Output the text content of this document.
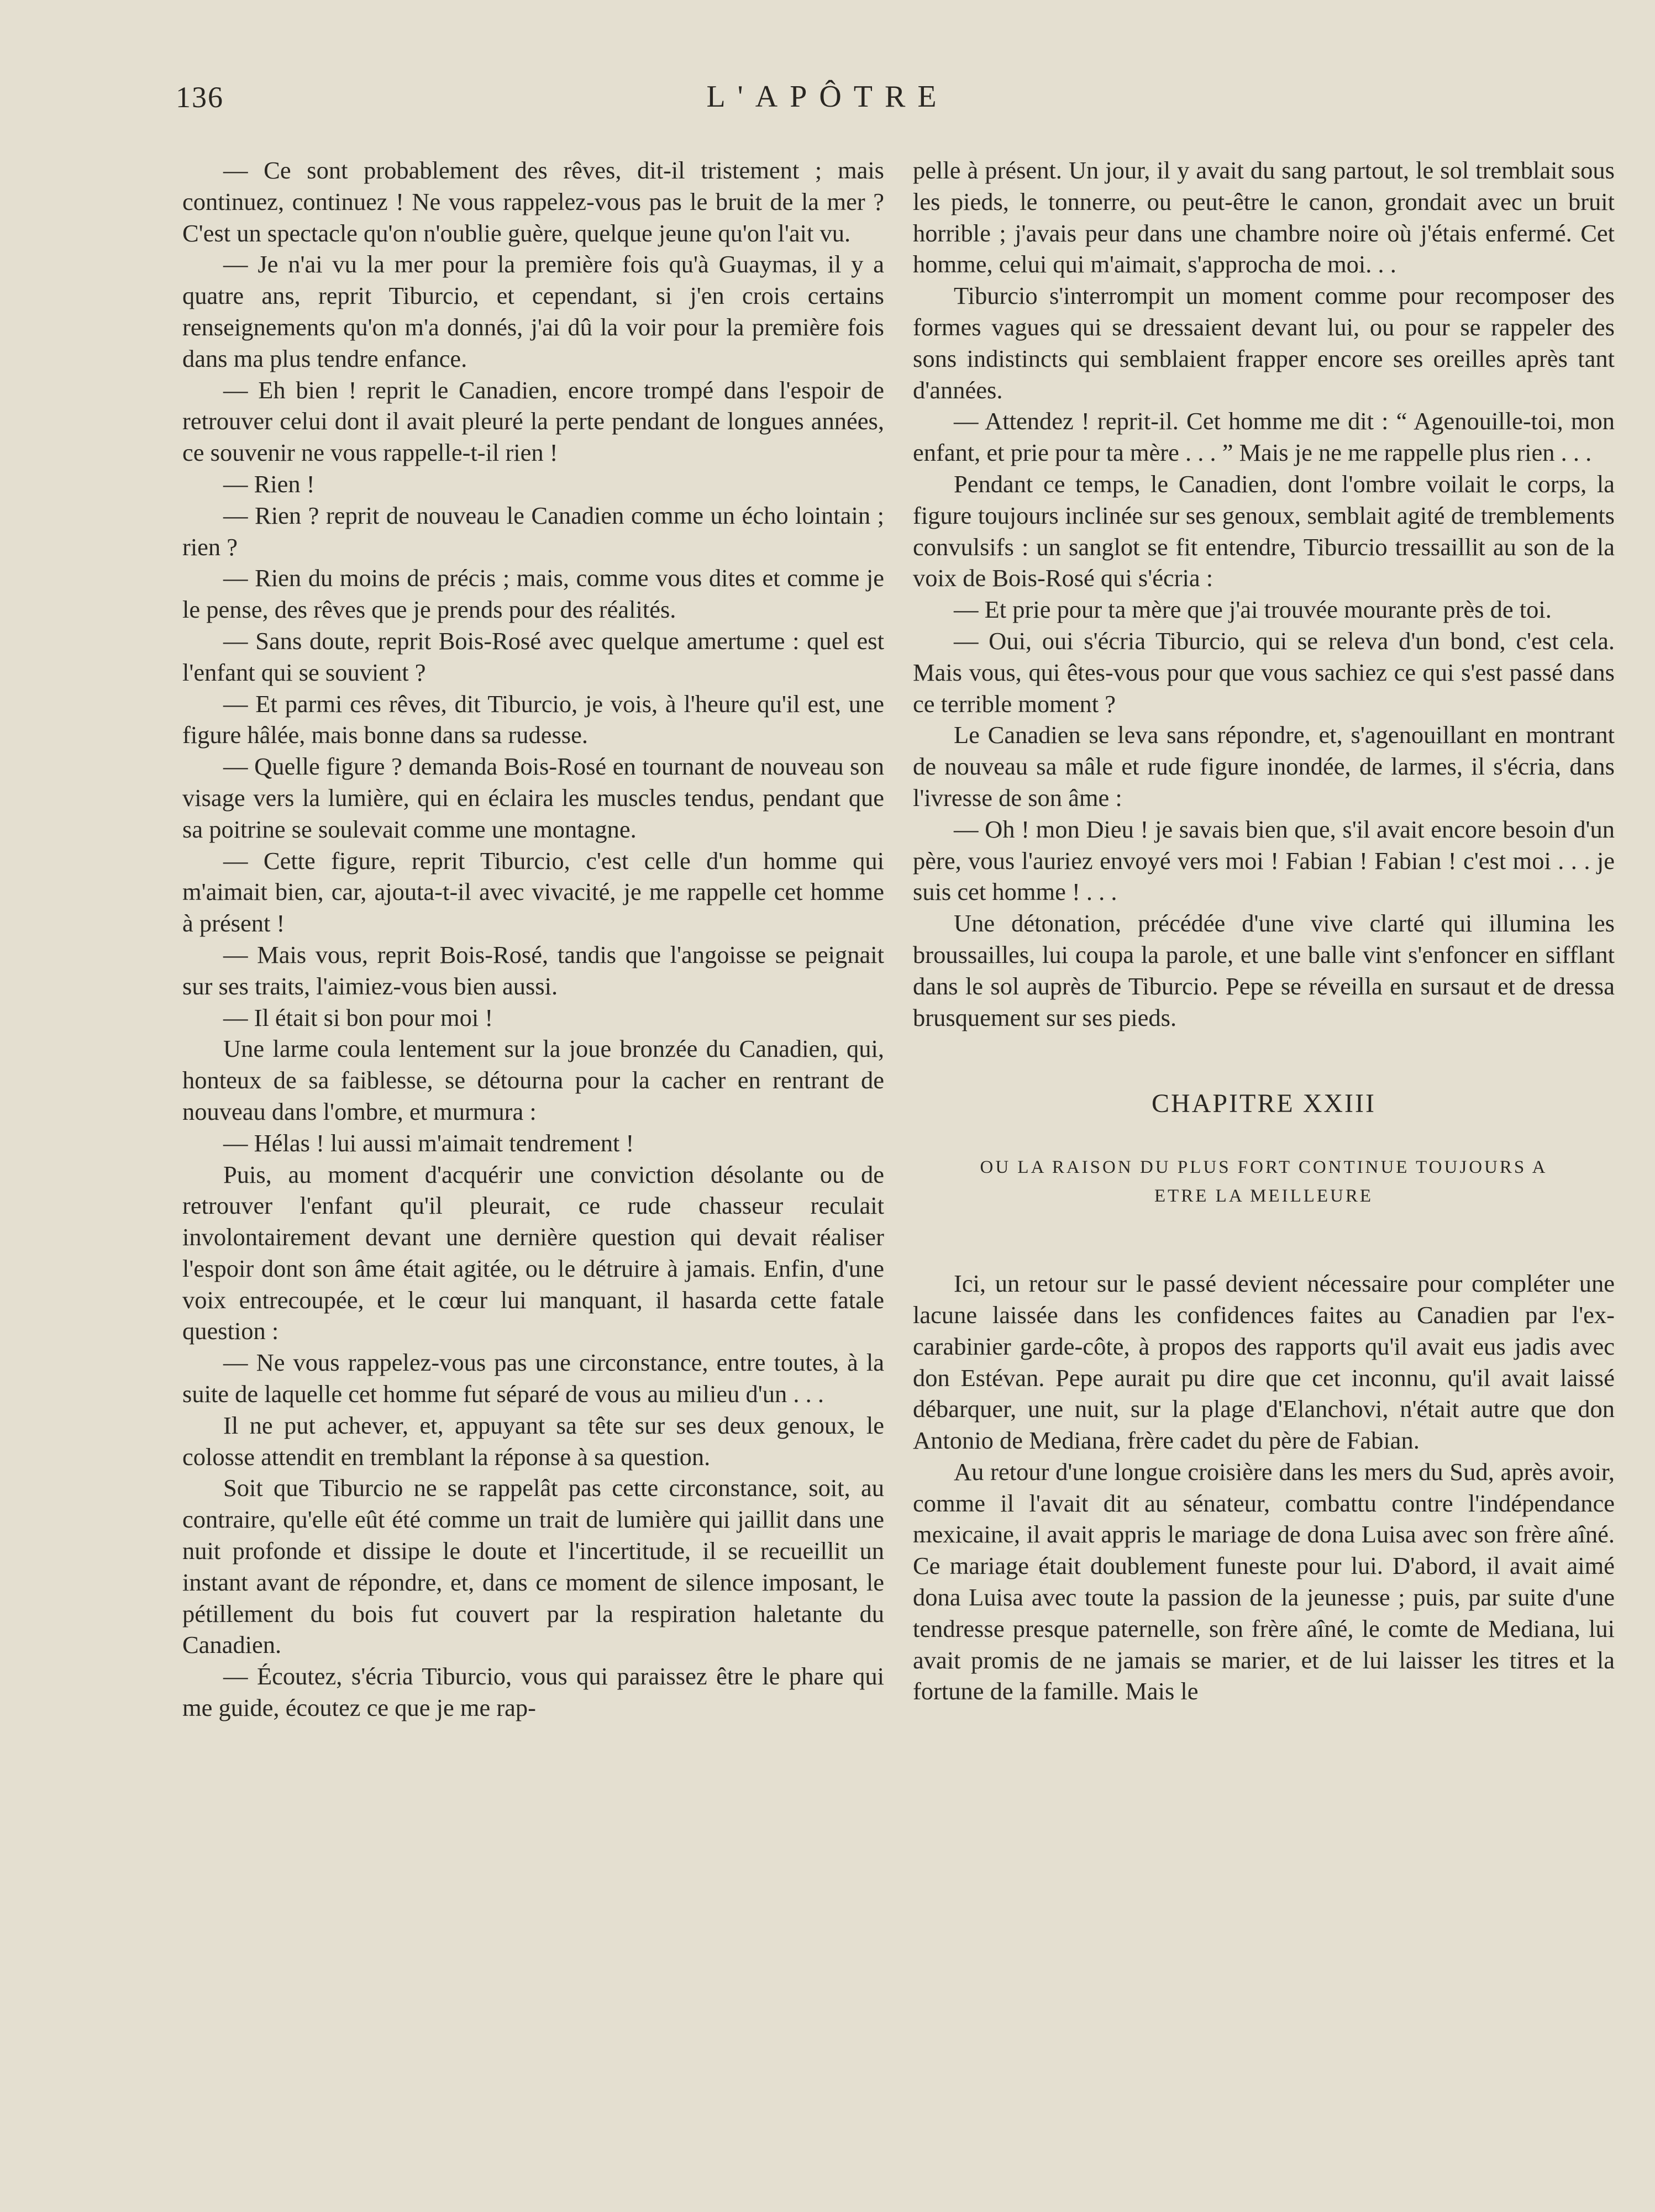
136	L'APÔTRE

— Ce sont probablement des rêves, dit-il tristement ; mais continuez, continuez ! Ne vous rappelez-vous pas le bruit de la mer ? C'est un spectacle qu'on n'oublie guère, quelque jeune qu'on l'ait vu.

— Je n'ai vu la mer pour la première fois qu'à Guaymas, il y a quatre ans, reprit Tiburcio, et cependant, si j'en crois certains renseignements qu'on m'a donnés, j'ai dû la voir pour la première fois dans ma plus tendre enfance.

— Eh bien ! reprit le Canadien, encore trompé dans l'espoir de retrouver celui dont il avait pleuré la perte pendant de longues années, ce souvenir ne vous rappelle-t-il rien !

— Rien !

— Rien ? reprit de nouveau le Canadien comme un écho lointain ; rien ?

— Rien du moins de précis ; mais, comme vous dites et comme je le pense, des rêves que je prends pour des réalités.

— Sans doute, reprit Bois-Rosé avec quelque amertume : quel est l'enfant qui se souvient ?

— Et parmi ces rêves, dit Tiburcio, je vois, à l'heure qu'il est, une figure hâlée, mais bonne dans sa rudesse.

— Quelle figure ? demanda Bois-Rosé en tournant de nouveau son visage vers la lumière, qui en éclaira les muscles tendus, pendant que sa poitrine se soulevait comme une montagne.

— Cette figure, reprit Tiburcio, c'est celle d'un homme qui m'aimait bien, car, ajouta-t-il avec vivacité, je me rappelle cet homme à présent !

— Mais vous, reprit Bois-Rosé, tandis que l'angoisse se peignait sur ses traits, l'aimiez-vous bien aussi.

— Il était si bon pour moi !

Une larme coula lentement sur la joue bronzée du Canadien, qui, honteux de sa faiblesse, se détourna pour la cacher en rentrant de nouveau dans l'ombre, et murmura :

— Hélas ! lui aussi m'aimait tendrement !

Puis, au moment d'acquérir une conviction désolante ou de retrouver l'enfant qu'il pleurait, ce rude chasseur reculait involontairement devant une dernière question qui devait réaliser l'espoir dont son âme était agitée, ou le détruire à jamais. Enfin, d'une voix entrecoupée, et le cœur lui manquant, il hasarda cette fatale question :

— Ne vous rappelez-vous pas une circonstance, entre toutes, à la suite de laquelle cet homme fut séparé de vous au milieu d'un . . .

Il ne put achever, et, appuyant sa tête sur ses deux genoux, le colosse attendit en tremblant la réponse à sa question.

Soit que Tiburcio ne se rappelât pas cette circonstance, soit, au contraire, qu'elle eût été comme un trait de lumière qui jaillit dans une nuit profonde et dissipe le doute et l'incertitude, il se recueillit un instant avant de répondre, et, dans ce moment de silence imposant, le pétillement du bois fut couvert par la respiration haletante du Canadien.

— Écoutez, s'écria Tiburcio, vous qui paraissez être le phare qui me guide, écoutez ce que je me rap-

pelle à présent. Un jour, il y avait du sang partout, le sol tremblait sous les pieds, le tonnerre, ou peut-être le canon, grondait avec un bruit horrible ; j'avais peur dans une chambre noire où j'étais enfermé. Cet homme, celui qui m'aimait, s'approcha de moi. . .

Tiburcio s'interrompit un moment comme pour recomposer des formes vagues qui se dressaient devant lui, ou pour se rappeler des sons indistincts qui semblaient frapper encore ses oreilles après tant d'années.

— Attendez ! reprit-il. Cet homme me dit : “ Agenouille-toi, mon enfant, et prie pour ta mère . . . ” Mais je ne me rappelle plus rien . . .

Pendant ce temps, le Canadien, dont l'ombre voilait le corps, la figure toujours inclinée sur ses genoux, semblait agité de tremblements convulsifs : un sanglot se fit entendre, Tiburcio tressaillit au son de la voix de Bois-Rosé qui s'écria :

— Et prie pour ta mère que j'ai trouvée mourante près de toi.

— Oui, oui s'écria Tiburcio, qui se releva d'un bond, c'est cela. Mais vous, qui êtes-vous pour que vous sachiez ce qui s'est passé dans ce terrible moment ?

Le Canadien se leva sans répondre, et, s'agenouillant en montrant de nouveau sa mâle et rude figure inondée, de larmes, il s'écria, dans l'ivresse de son âme :

— Oh ! mon Dieu ! je savais bien que, s'il avait encore besoin d'un père, vous l'auriez envoyé vers moi ! Fabian ! Fabian ! c'est moi . . . je suis cet homme ! . . .

Une détonation, précédée d'une vive clarté qui illumina les broussailles, lui coupa la parole, et une balle vint s'enfoncer en sifflant dans le sol auprès de Tiburcio. Pepe se réveilla en sursaut et de dressa brusquement sur ses pieds.

CHAPITRE XXIII
OU LA RAISON DU PLUS FORT CONTINUE TOUJOURS A
ETRE LA MEILLEURE

Ici, un retour sur le passé devient nécessaire pour compléter une lacune laissée dans les confidences faites au Canadien par l'ex-carabinier garde-côte, à propos des rapports qu'il avait eus jadis avec don Estévan. Pepe aurait pu dire que cet inconnu, qu'il avait laissé débarquer, une nuit, sur la plage d'Elanchovi, n'était autre que don Antonio de Mediana, frère cadet du père de Fabian.

Au retour d'une longue croisière dans les mers du Sud, après avoir, comme il l'avait dit au sénateur, combattu contre l'indépendance mexicaine, il avait appris le mariage de dona Luisa avec son frère aîné. Ce mariage était doublement funeste pour lui. D'abord, il avait aimé dona Luisa avec toute la passion de la jeunesse ; puis, par suite d'une tendresse presque paternelle, son frère aîné, le comte de Mediana, lui avait promis de ne jamais se marier, et de lui laisser les titres et la fortune de la famille. Mais le
